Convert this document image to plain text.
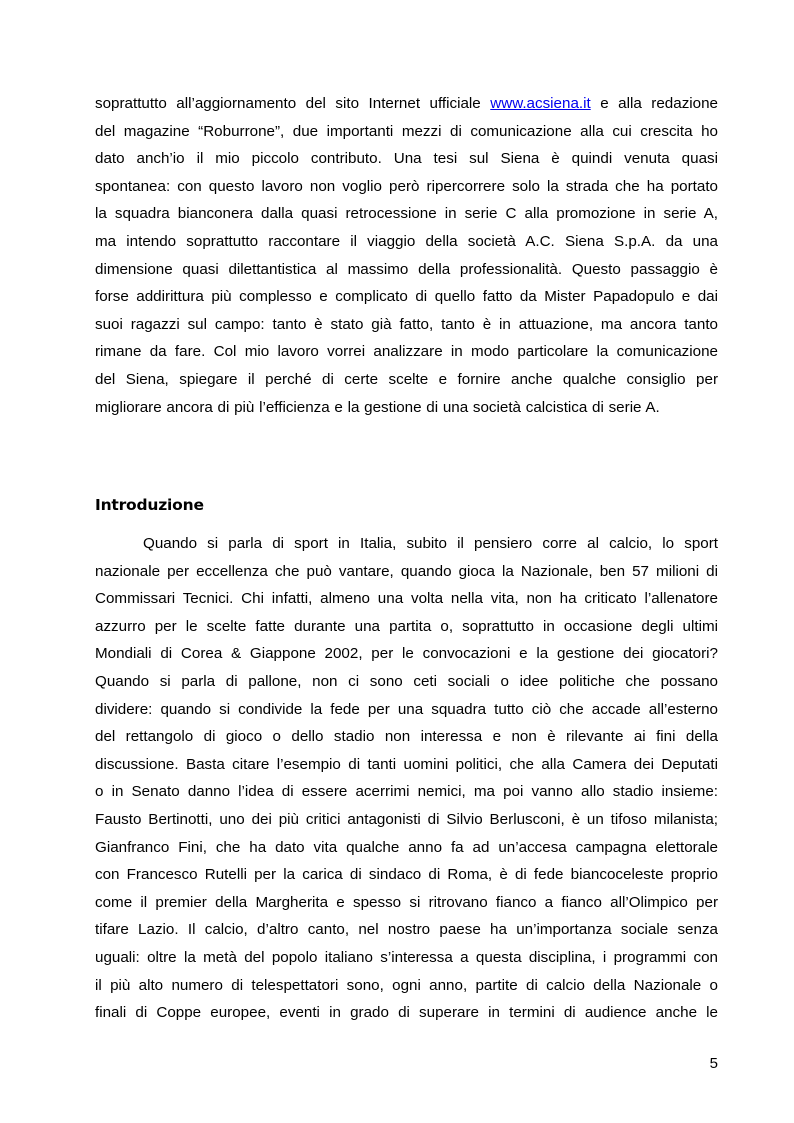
soprattutto all’aggiornamento del sito Internet ufficiale www.acsiena.it e alla redazione
del magazine “Roburrone”, due importanti mezzi di comunicazione alla cui crescita ho
dato anch’io il mio piccolo contributo. Una tesi sul Siena è quindi venuta quasi
spontanea: con questo lavoro non voglio però ripercorrere solo la strada che ha portato
la squadra bianconera dalla quasi retrocessione in serie C alla promozione in serie A,
ma intendo soprattutto raccontare il viaggio della società A.C. Siena S.p.A. da una
dimensione quasi dilettantistica al massimo della professionalità. Questo passaggio è
forse addirittura più complesso e complicato di quello fatto da Mister Papadopulo e dai
suoi ragazzi sul campo: tanto è stato già fatto, tanto è in attuazione, ma ancora tanto
rimane da fare. Col mio lavoro vorrei analizzare in modo particolare la comunicazione
del Siena, spiegare il perché di certe scelte e fornire anche qualche consiglio per
migliorare ancora di più l’efficienza e la gestione di una società calcistica di serie A.
Introduzione
Quando si parla di sport in Italia, subito il pensiero corre al calcio, lo sport
nazionale per eccellenza che può vantare, quando gioca la Nazionale, ben 57 milioni di
Commissari Tecnici. Chi infatti, almeno una volta nella vita, non ha criticato l’allenatore
azzurro per le scelte fatte durante una partita o, soprattutto in occasione degli ultimi
Mondiali di Corea & Giappone 2002, per le convocazioni e la gestione dei giocatori?
Quando si parla di pallone, non ci sono ceti sociali o idee politiche che possano
dividere: quando si condivide la fede per una squadra tutto ciò che accade all’esterno
del rettangolo di gioco o dello stadio non interessa e non è rilevante ai fini della
discussione. Basta citare l’esempio di tanti uomini politici, che alla Camera dei Deputati
o in Senato danno l’idea di essere acerrimi nemici, ma poi vanno allo stadio insieme:
Fausto Bertinotti, uno dei più critici antagonisti di Silvio Berlusconi, è un tifoso milanista;
Gianfranco Fini, che ha dato vita qualche anno fa ad un’accesa campagna elettorale
con Francesco Rutelli per la carica di sindaco di Roma, è di fede biancoceleste proprio
come il premier della Margherita e spesso si ritrovano fianco a fianco all’Olimpico per
tifare Lazio. Il calcio, d’altro canto, nel nostro paese ha un’importanza sociale senza
uguali: oltre la metà del popolo italiano s’interessa a questa disciplina, i programmi con
il più alto numero di telespettatori sono, ogni anno, partite di calcio della Nazionale o
finali di Coppe europee, eventi in grado di superare in termini di audience anche le
5
